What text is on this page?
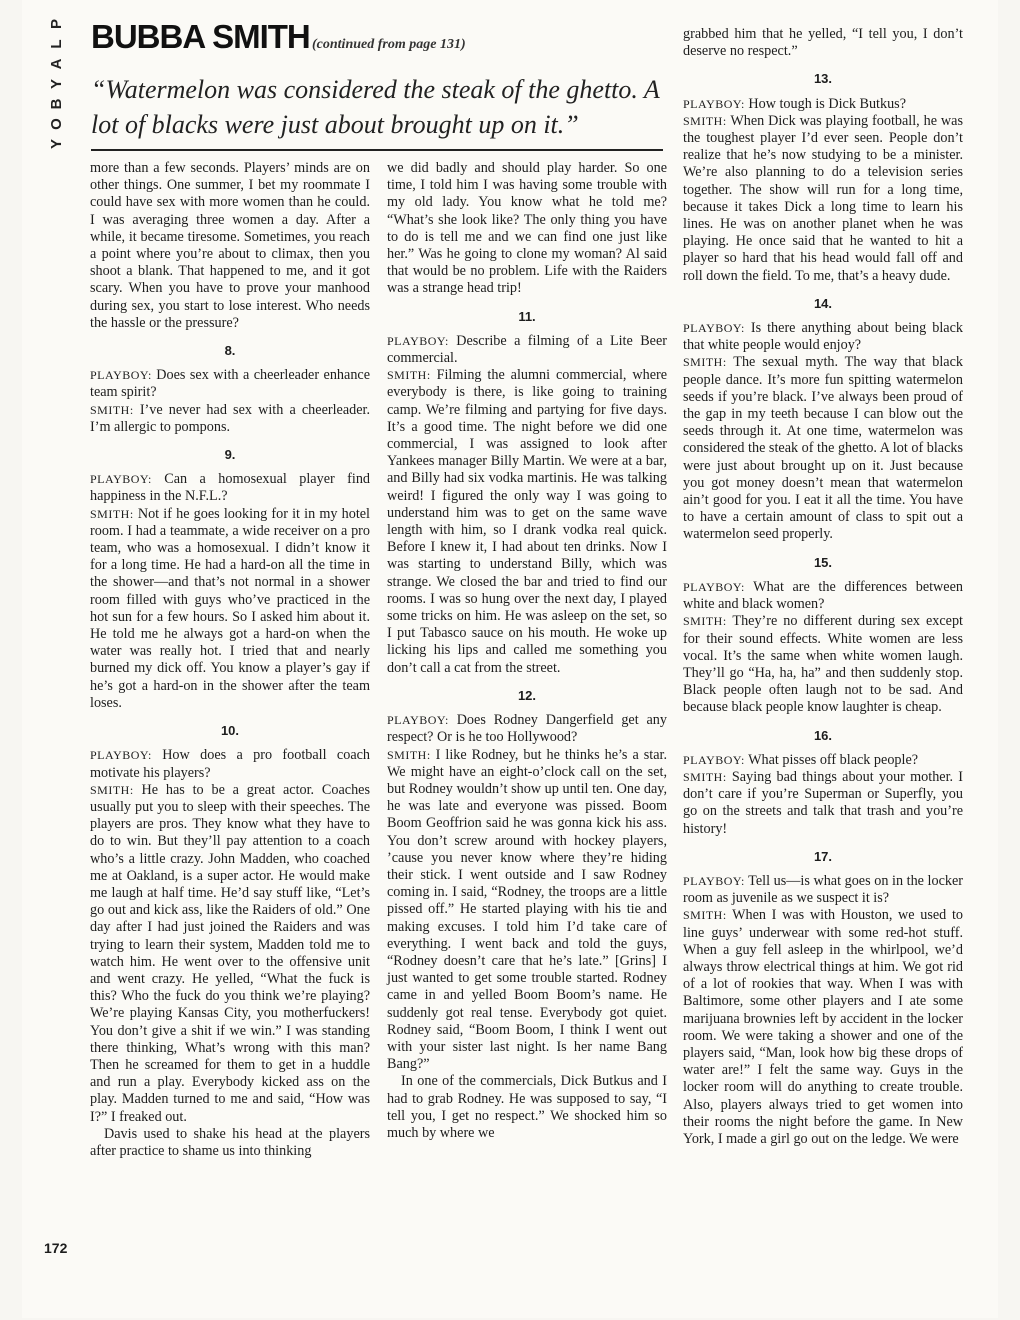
P
L
A
Y
B
O
Y
BUBBA SMITH (continued from page 131)
“Watermelon was considered the steak of the ghetto. A lot of blacks were just about brought up on it.”

more than a few seconds. Players’ minds are on other things. One summer, I bet my roommate I could have sex with more women than he could. I was averaging three women a day. After a while, it became tiresome. Sometimes, you reach a point where you’re about to climax, then you shoot a blank. That happened to me, and it got scary. When you have to prove your manhood during sex, you start to lose interest. Who needs the hassle or the pressure?

8.

PLAYBOY: Does sex with a cheerleader enhance team spirit?

SMITH: I’ve never had sex with a cheerleader. I’m allergic to pompons.

9.

PLAYBOY: Can a homosexual player find happiness in the N.F.L.?

SMITH: Not if he goes looking for it in my hotel room. I had a teammate, a wide receiver on a pro team, who was a homosexual. I didn’t know it for a long time. He had a hard-on all the time in the shower—and that’s not normal in a shower room filled with guys who’ve practiced in the hot sun for a few hours. So I asked him about it. He told me he always got a hard-on when the water was really hot. I tried that and nearly burned my dick off. You know a player’s gay if he’s got a hard-on in the shower after the team loses.

10.

PLAYBOY: How does a pro football coach motivate his players?

SMITH: He has to be a great actor. Coaches usually put you to sleep with their speeches. The players are pros. They know what they have to do to win. But they’ll pay attention to a coach who’s a little crazy. John Madden, who coached me at Oakland, is a super actor. He would make me laugh at half time. He’d say stuff like, “Let’s go out and kick ass, like the Raiders of old.” One day after I had just joined the Raiders and was trying to learn their system, Madden told me to watch him. He went over to the offensive unit and went crazy. He yelled, “What the fuck is this? Who the fuck do you think we’re playing? We’re playing Kansas City, you motherfuckers! You don’t give a shit if we win.” I was standing there thinking, What’s wrong with this man? Then he screamed for them to get in a huddle and run a play. Everybody kicked ass on the play. Madden turned to me and said, “How was I?” I freaked out.

Davis used to shake his head at the players after practice to shame us into thinking

we did badly and should play harder. So one time, I told him I was having some trouble with my old lady. You know what he told me? “What’s she look like? The only thing you have to do is tell me and we can find one just like her.” Was he going to clone my woman? Al said that would be no problem. Life with the Raiders was a strange head trip!

11.

PLAYBOY: Describe a filming of a Lite Beer commercial.

SMITH: Filming the alumni commercial, where everybody is there, is like going to training camp. We’re filming and partying for five days. It’s a good time. The night before we did one commercial, I was assigned to look after Yankees manager Billy Martin. We were at a bar, and Billy had six vodka martinis. He was talking weird! I figured the only way I was going to understand him was to get on the same wave length with him, so I drank vodka real quick. Before I knew it, I had about ten drinks. Now I was starting to understand Billy, which was strange. We closed the bar and tried to find our rooms. I was so hung over the next day, I played some tricks on him. He was asleep on the set, so I put Tabasco sauce on his mouth. He woke up licking his lips and called me something you don’t call a cat from the street.

12.

PLAYBOY: Does Rodney Dangerfield get any respect? Or is he too Hollywood?

SMITH: I like Rodney, but he thinks he’s a star. We might have an eight-o’clock call on the set, but Rodney wouldn’t show up until ten. One day, he was late and everyone was pissed. Boom Boom Geoffrion said he was gonna kick his ass. You don’t screw around with hockey players, ’cause you never know where they’re hiding their stick. I went outside and I saw Rodney coming in. I said, “Rodney, the troops are a little pissed off.” He started playing with his tie and making excuses. I told him I’d take care of everything. I went back and told the guys, “Rodney doesn’t care that he’s late.” [Grins] I just wanted to get some trouble started. Rodney came in and yelled Boom Boom’s name. He suddenly got real tense. Everybody got quiet. Rodney said, “Boom Boom, I think I went out with your sister last night. Is her name Bang Bang?”

In one of the commercials, Dick Butkus and I had to grab Rodney. He was supposed to say, “I tell you, I get no respect.” We shocked him so much by where we

grabbed him that he yelled, “I tell you, I don’t deserve no respect.”

13.

PLAYBOY: How tough is Dick Butkus?

SMITH: When Dick was playing football, he was the toughest player I’d ever seen. People don’t realize that he’s now studying to be a minister. We’re also planning to do a television series together. The show will run for a long time, because it takes Dick a long time to learn his lines. He was on another planet when he was playing. He once said that he wanted to hit a player so hard that his head would fall off and roll down the field. To me, that’s a heavy dude.

14.

PLAYBOY: Is there anything about being black that white people would enjoy?

SMITH: The sexual myth. The way that black people dance. It’s more fun spitting watermelon seeds if you’re black. I’ve always been proud of the gap in my teeth because I can blow out the seeds through it. At one time, watermelon was considered the steak of the ghetto. A lot of blacks were just about brought up on it. Just because you got money doesn’t mean that watermelon ain’t good for you. I eat it all the time. You have to have a certain amount of class to spit out a watermelon seed properly.

15.

PLAYBOY: What are the differences between white and black women?

SMITH: They’re no different during sex except for their sound effects. White women are less vocal. It’s the same when white women laugh. They’ll go “Ha, ha, ha” and then suddenly stop. Black people often laugh not to be sad. And because black people know laughter is cheap.

16.

PLAYBOY: What pisses off black people?

SMITH: Saying bad things about your mother. I don’t care if you’re Superman or Superfly, you go on the streets and talk that trash and you’re history!

17.

PLAYBOY: Tell us—is what goes on in the locker room as juvenile as we suspect it is?

SMITH: When I was with Houston, we used to line guys’ underwear with some red-hot stuff. When a guy fell asleep in the whirlpool, we’d always throw electrical things at him. We got rid of a lot of rookies that way. When I was with Baltimore, some other players and I ate some marijuana brownies left by accident in the locker room. We were taking a shower and one of the players said, “Man, look how big these drops of water are!” I felt the same way. Guys in the locker room will do anything to create trouble. Also, players always tried to get women into their rooms the night before the game. In New York, I made a girl go out on the ledge. We were

172
